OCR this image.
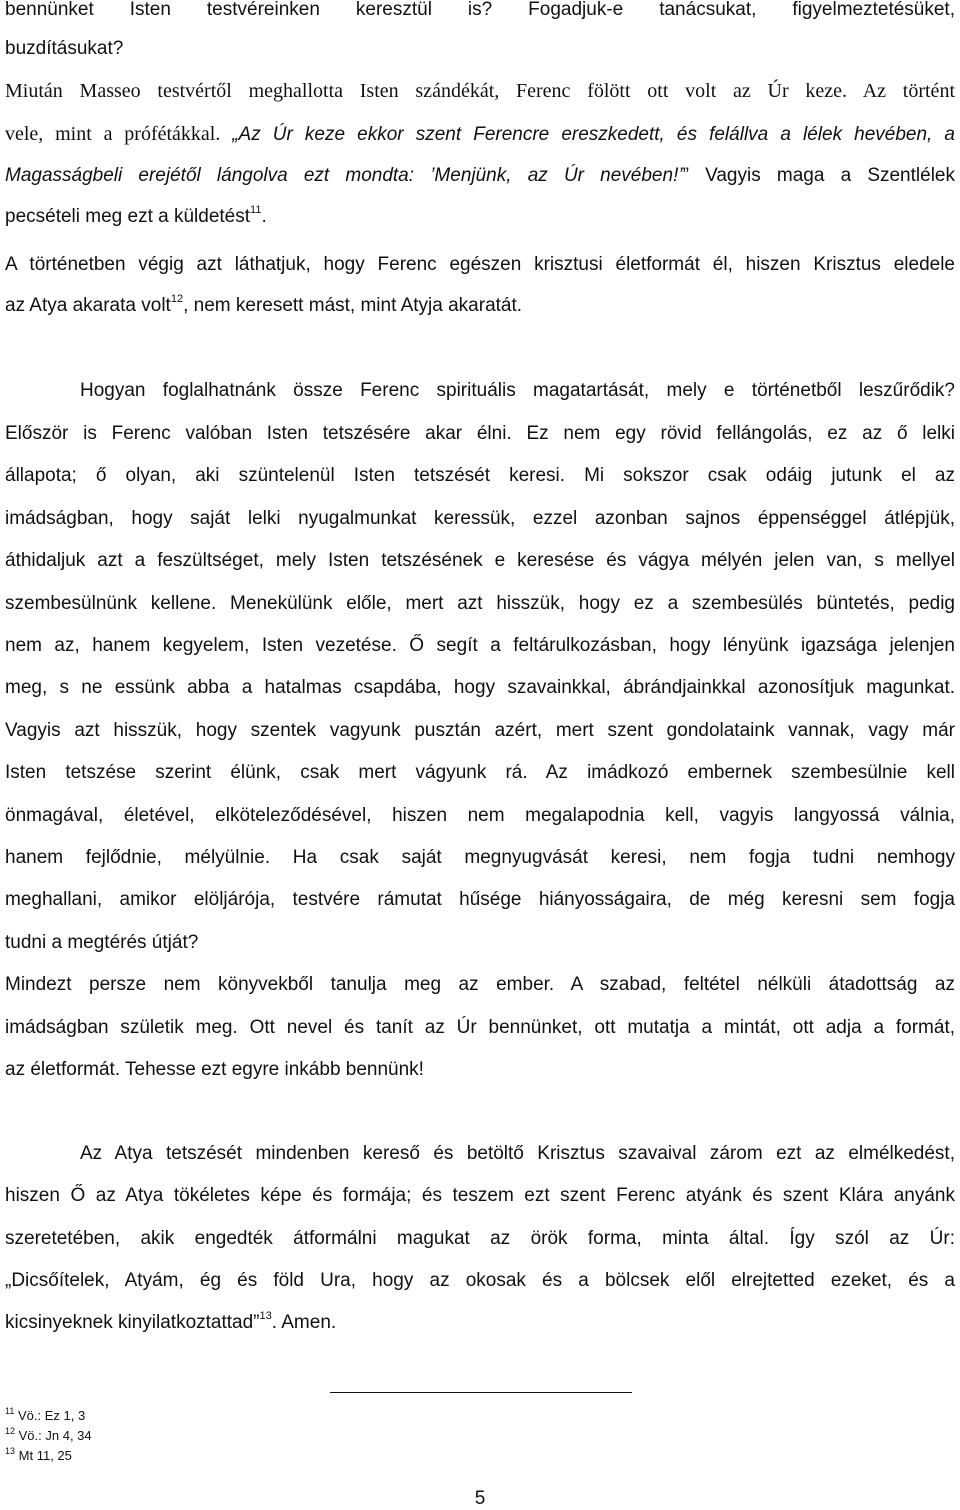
bennünket Isten testvéreinken keresztül is? Fogadjuk-e tanácsukat, figyelmeztetésüket,
buzdításukat?
Miután Masseo testvértől meghallotta Isten szándékát, Ferenc fölött ott volt az Úr keze. Az történt
vele, mint a prófétákkal. „Az Úr keze ekkor szent Ferencre ereszkedett, és felállva a lélek hevében, a
Magasságbeli erejétől lángolva ezt mondta: ’Menjünk, az Úr nevében!’” Vagyis maga a Szentlélek
pecsételi meg ezt a küldetést$^{11}$.
A történetben végig azt láthatjuk, hogy Ferenc egészen krisztusi életformát él, hiszen Krisztus eledele
az Atya akarata volt$^{12}$, nem keresett mást, mint Atyja akaratát.
Hogyan foglalhatnánk össze Ferenc spirituális magatartását, mely e történetből leszűrődik?
Először is Ferenc valóban Isten tetszésére akar élni. Ez nem egy rövid fellángolás, ez az ő lelki
állapota; ő olyan, aki szüntelenül Isten tetszését keresi. Mi sokszor csak odáig jutunk el az
imádságban, hogy saját lelki nyugalmunkat keressük, ezzel azonban sajnos éppenséggel átlépjük,
áthidaljuk azt a feszültséget, mely Isten tetszésének e keresése és vágya mélyén jelen van, s mellyel
szembesülnünk kellene. Menekülünk előle, mert azt hisszük, hogy ez a szembesülés büntetés, pedig
nem az, hanem kegyelem, Isten vezetése. Ő segít a feltárulkozásban, hogy lényünk igazsága jelenjen
meg, s ne essünk abba a hatalmas csapdába, hogy szavainkkal, ábrándjainkkal azonosítjuk magunkat.
Vagyis azt hisszük, hogy szentek vagyunk pusztán azért, mert szent gondolataink vannak, vagy már
Isten tetszése szerint élünk, csak mert vágyunk rá. Az imádkozó embernek szembesülnie kell
önmagával, életével, elköteleződésével, hiszen nem megalapodnia kell, vagyis langyossá válnia,
hanem fejlődnie, mélyülnie. Ha csak saját megnyugvását keresi, nem fogja tudni nemhogy
meghallani, amikor elöljárója, testvére rámutat hűsége hiányosságaira, de még keresni sem fogja
tudni a megtérés útját?
Mindezt persze nem könyvekből tanulja meg az ember. A szabad, feltétel nélküli átadottság az
imádságban születik meg. Ott nevel és tanít az Úr bennünket, ott mutatja a mintát, ott adja a formát,
az életformát. Tehesse ezt egyre inkább bennünk!
Az Atya tetszését mindenben kereső és betöltő Krisztus szavaival zárom ezt az elmélkedést,
hiszen Ő az Atya tökéletes képe és formája; és teszem ezt szent Ferenc atyánk és szent Klára anyánk
szeretetében, akik engedték átformálni magukat az örök forma, minta által. Így szól az Úr:
„Dicsőítelek, Atyám, ég és föld Ura, hogy az okosak és a bölcsek elől elrejtetted ezeket, és a
kicsinyeknek kinyilatkoztattad”$^{13}$. Amen.
$^{11}$ Vö.: Ez 1, 3
$^{12}$ Vö.: Jn 4, 34
$^{13}$ Mt 11, 25
5
